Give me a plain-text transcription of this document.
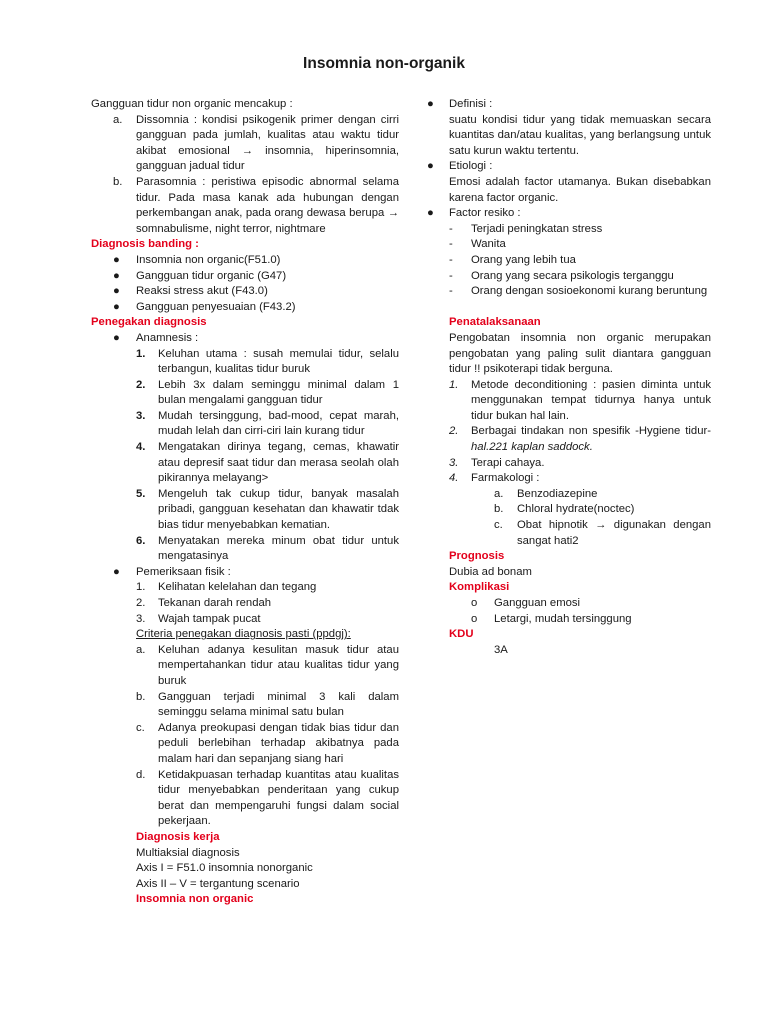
Insomnia non-organik
Gangguan tidur non organic mencakup :
a. Dissomnia : kondisi psikogenik primer dengan cirri gangguan pada jumlah, kualitas atau waktu tidur akibat emosional → insomnia, hiperinsomnia, gangguan jadual tidur
b. Parasomnia : peristiwa episodic abnormal selama tidur. Pada masa kanak ada hubungan dengan perkembangan anak, pada orang dewasa berupa → somnabulisme, night terror, nightmare
Diagnosis banding :
● Insomnia non organic(F51.0)
● Gangguan tidur organic (G47)
● Reaksi stress akut (F43.0)
● Gangguan penyesuaian (F43.2)
Penegakan diagnosis
● Anamnesis :
1. Keluhan utama : susah memulai tidur, selalu terbangun, kualitas tidur buruk
2. Lebih 3x dalam seminggu minimal dalam 1 bulan mengalami gangguan tidur
3. Mudah tersinggung, bad-mood, cepat marah, mudah lelah dan cirri-ciri lain kurang tidur
4. Mengatakan dirinya tegang, cemas, khawatir atau depresif saat tidur dan merasa seolah olah pikirannya melayang>
5. Mengeluh tak cukup tidur, banyak masalah pribadi, gangguan kesehatan dan khawatir tdak bias tidur menyebabkan kematian.
6. Menyatakan mereka minum obat tidur untuk mengatasinya
● Pemeriksaan fisik :
1. Kelihatan kelelahan dan tegang
2. Tekanan darah rendah
3. Wajah tampak pucat
Criteria penegakan diagnosis pasti (ppdgj):
a. Keluhan adanya kesulitan masuk tidur atau mempertahankan tidur atau kualitas tidur yang buruk
b. Gangguan terjadi minimal 3 kali dalam seminggu selama minimal satu bulan
c. Adanya preokupasi dengan tidak bias tidur dan peduli berlebihan terhadap akibatnya pada malam hari dan sepanjang siang hari
d. Ketidakpuasan terhadap kuantitas atau kualitas tidur menyebabkan penderitaan yang cukup berat dan mempengaruhi fungsi dalam social pekerjaan.
Diagnosis kerja
Multiaksial diagnosis
Axis I = F51.0 insomnia nonorganic
Axis II – V = tergantung scenario
Insomnia non organic
● Definisi :
suatu kondisi tidur yang tidak memuaskan secara kuantitas dan/atau kualitas, yang berlangsung untuk satu kurun waktu tertentu.
● Etiologi :
Emosi adalah factor utamanya. Bukan disebabkan karena factor organic.
● Factor resiko :
- Terjadi peningkatan stress
- Wanita
- Orang yang lebih tua
- Orang yang secara psikologis terganggu
- Orang dengan sosioekonomi kurang beruntung
Penatalaksanaan
Pengobatan insomnia non organic merupakan pengobatan yang paling sulit diantara gangguan tidur !! psikoterapi tidak berguna.
1. Metode deconditioning : pasien diminta untuk menggunakan tempat tidurnya hanya untuk tidur bukan hal lain.
2. Berbagai tindakan non spesifik -Hygiene tidur- hal.221 kaplan saddock.
3. Terapi cahaya.
4. Farmakologi :
a. Benzodiazepine
b. Chloral hydrate(noctec)
c. Obat hipnotik → digunakan dengan sangat hati2
Prognosis
Dubia ad bonam
Komplikasi
o Gangguan emosi
o Letargi, mudah tersinggung
KDU
3A
